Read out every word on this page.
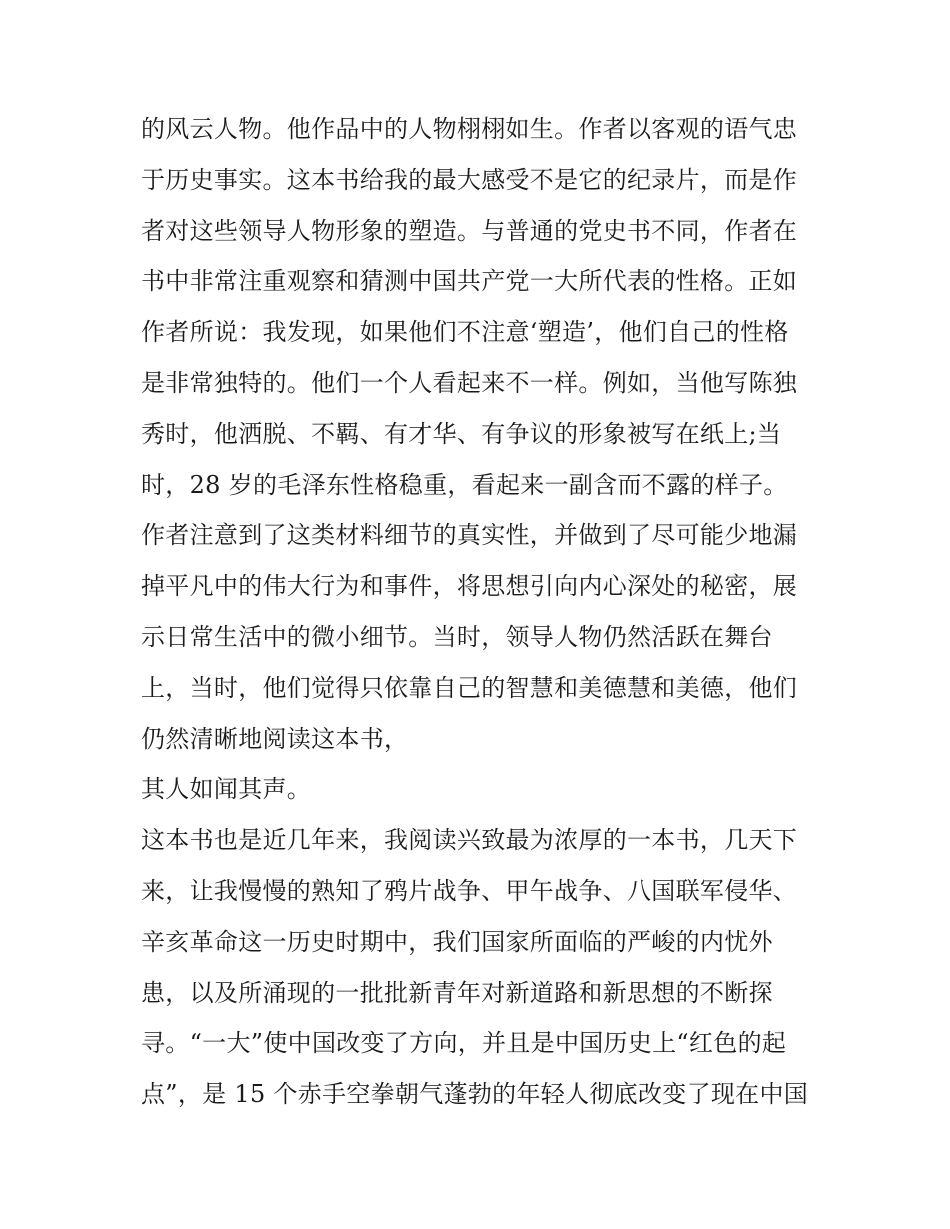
的风云人物。他作品中的人物栩栩如生。作者以客观的语气忠
于历史事实。这本书给我的最大感受不是它的纪录片，而是作
者对这些领导人物形象的塑造。与普通的党史书不同，作者在
书中非常注重观察和猜测中国共产党一大所代表的性格。正如
作者所说：我发现，如果他们不注意‘塑造’，他们自己的性格
是非常独特的。他们一个人看起来不一样。例如，当他写陈独
秀时，他洒脱、不羁、有才华、有争议的形象被写在纸上;当
时，28 岁的毛泽东性格稳重，看起来一副含而不露的样子。
作者注意到了这类材料细节的真实性，并做到了尽可能少地漏
掉平凡中的伟大行为和事件，将思想引向内心深处的秘密，展
示日常生活中的微小细节。当时，领导人物仍然活跃在舞台
上，当时，他们觉得只依靠自己的智慧和美德慧和美德，他们
仍然清晰地阅读这本书，
其人如闻其声。
这本书也是近几年来，我阅读兴致最为浓厚的一本书，几天下
来，让我慢慢的熟知了鸦片战争、甲午战争、八国联军侵华、
辛亥革命这一历史时期中，我们国家所面临的严峻的内忧外
患，以及所涌现的一批批新青年对新道路和新思想的不断探
寻。“一大”使中国改变了方向，并且是中国历史上“红色的起
点”，是 15 个赤手空拳朝气蓬勃的年轻人彻底改变了现在中国
